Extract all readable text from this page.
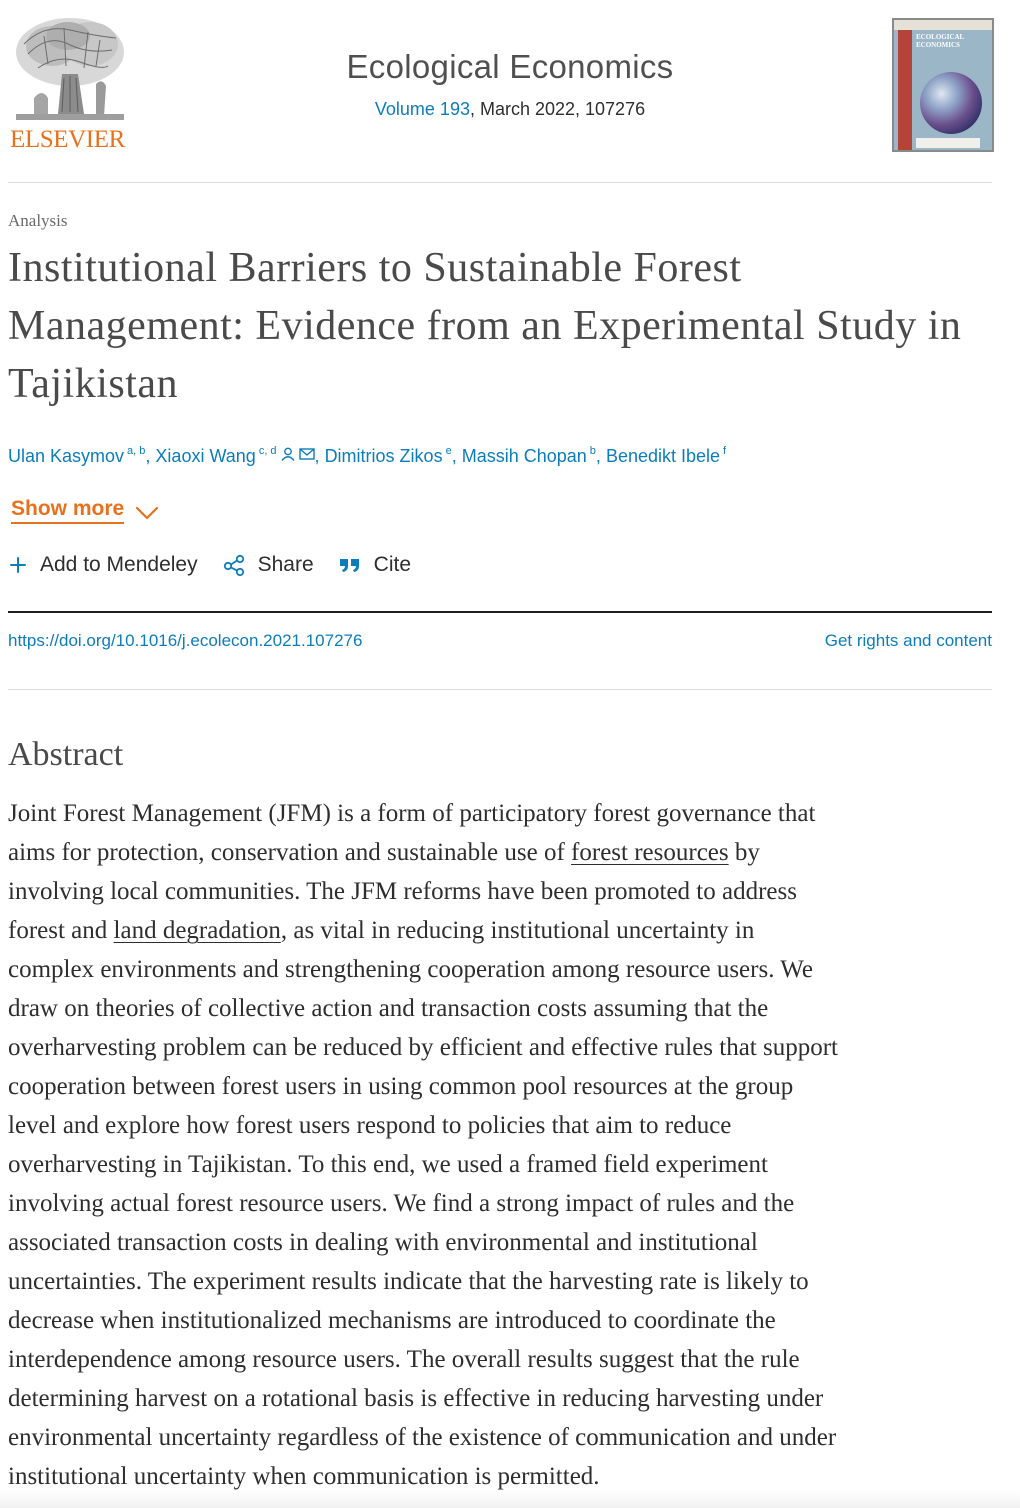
ELSEVIER
Ecological Economics
Volume 193, March 2022, 107276
ECOLOGICAL ECONOMICS
Analysis
Institutional Barriers to Sustainable Forest Management: Evidence from an Experimental Study in Tajikistan
Ulan Kasymov $^{a, b}$, Xiaoxi Wang $^{c, d}$ , Dimitrios Zikos $^e$, Massih Chopan $^b$, Benedikt Ibele $^f$
Show more
Add to Mendeley	Share	Cite
https://doi.org/10.1016/j.ecolecon.2021.107276	Get rights and content
Abstract
Joint Forest Management (JFM) is a form of participatory forest governance that
aims for protection, conservation and sustainable use of forest resources by
involving local communities. The JFM reforms have been promoted to address
forest and land degradation, as vital in reducing institutional uncertainty in
complex environments and strengthening cooperation among resource users. We
draw on theories of collective action and transaction costs assuming that the
overharvesting problem can be reduced by efficient and effective rules that support
cooperation between forest users in using common pool resources at the group
level and explore how forest users respond to policies that aim to reduce
overharvesting in Tajikistan. To this end, we used a framed field experiment
involving actual forest resource users. We find a strong impact of rules and the
associated transaction costs in dealing with environmental and institutional
uncertainties. The experiment results indicate that the harvesting rate is likely to
decrease when institutionalized mechanisms are introduced to coordinate the
interdependence among resource users. The overall results suggest that the rule
determining harvest on a rotational basis is effective in reducing harvesting under
environmental uncertainty regardless of the existence of communication and under
institutional uncertainty when communication is permitted.
